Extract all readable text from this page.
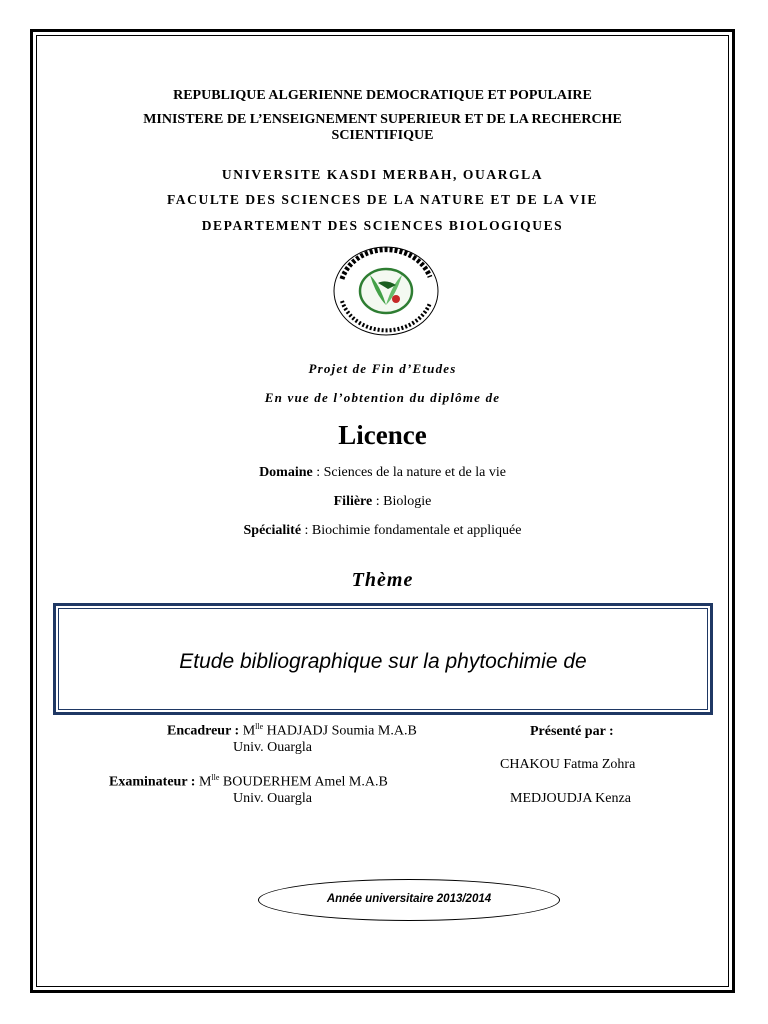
REPUBLIQUE ALGERIENNE DEMOCRATIQUE ET POPULAIRE
MINISTERE DE L’ENSEIGNEMENT SUPERIEUR ET DE LA RECHERCHE
SCIENTIFIQUE
UNIVERSITE KASDI MERBAH, OUARGLA
FACULTE DES SCIENCES DE LA NATURE ET DE LA VIE
DEPARTEMENT DES SCIENCES BIOLOGIQUES
Projet de Fin d’Etudes
En vue de l’obtention du diplôme de
Licence
Domaine : Sciences de la nature et de la vie
Filière : Biologie
Spécialité : Biochimie fondamentale et appliquée
Thème
Etude bibliographique sur la phytochimie de
Encadreur : $M^{lle}$ HADJADJ Soumia M.A.B
Univ. Ouargla
Examinateur : $M^{lle}$ BOUDERHEM Amel M.A.B
Univ. Ouargla
Présenté par :
CHAKOU Fatma Zohra
MEDJOUDJA Kenza
Année universitaire 2013/2014
